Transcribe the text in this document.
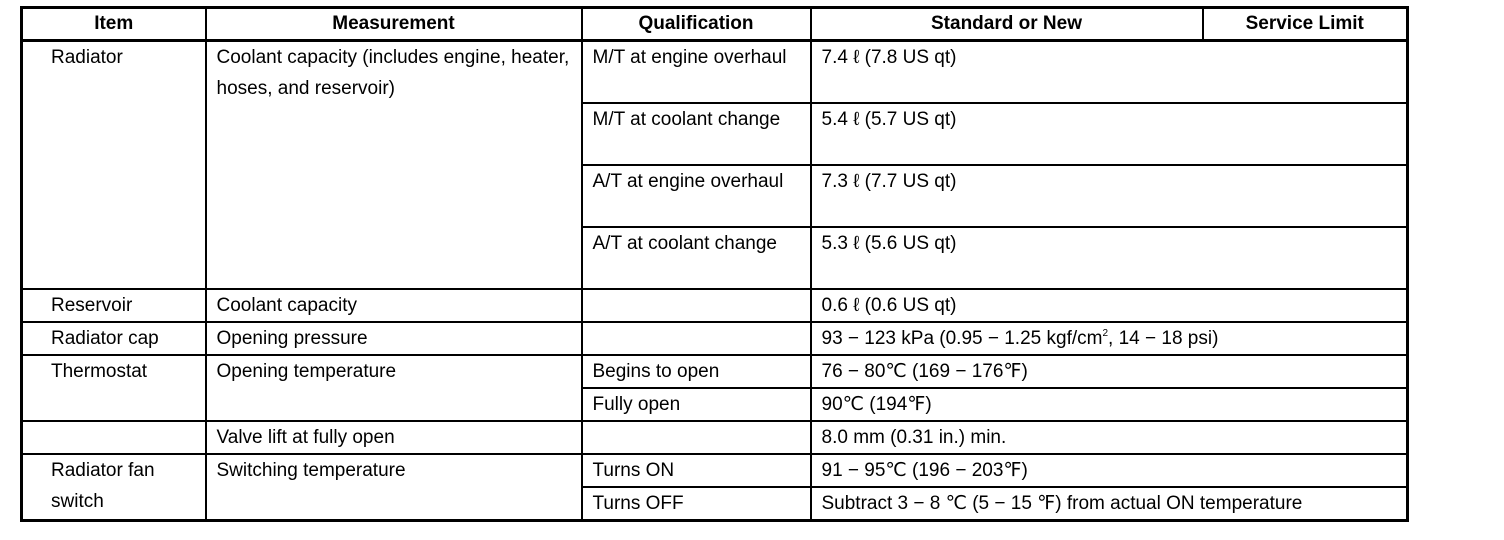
Item	Measurement	Qualification	Standard or New	Service Limit
Radiator	Coolant capacity (includes engine, heater, hoses, and reservoir)	M/T at engine overhaul	7.4 ℓ (7.8 US qt)	
		M/T at coolant change	5.4 ℓ (5.7 US qt)	
		A/T at engine overhaul	7.3 ℓ (7.7 US qt)	
		A/T at coolant change	5.3 ℓ (5.6 US qt)	
Reservoir	Coolant capacity		0.6 ℓ (0.6 US qt)	
Radiator cap	Opening pressure		93 − 123 kPa (0.95 − 1.25 kgf/$cm^2$, 14 − 18 psi)	
Thermostat	Opening temperature	Begins to open	76 − 80℃ (169 − 176℉)	
		Fully open	90℃ (194℉)	
	Valve lift at fully open		8.0 mm (0.31 in.) min.	
Radiator fan switch	Switching temperature	Turns ON	91 − 95℃ (196 − 203℉)	
		Turns OFF	Subtract 3 − 8 ℃ (5 − 15 ℉) from actual ON temperature	
